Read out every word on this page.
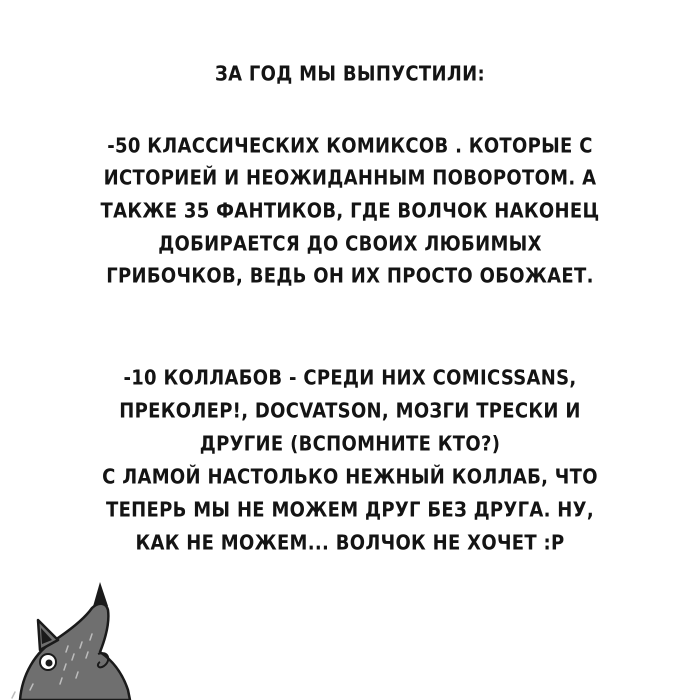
ЗА ГОД МЫ ВЫПУСТИЛИ:
-50 КЛАССИЧЕСКИХ КОМИКСОВ . КОТОРЫЕ С
ИСТОРИЕЙ И НЕОЖИДАННЫМ ПОВОРОТОМ. А
ТАКЖЕ 35 ФАНТИКОВ, ГДЕ ВОЛЧОК НАКОНЕЦ
ДОБИРАЕТСЯ ДО СВОИХ ЛЮБИМЫХ
ГРИБОЧКОВ, ВЕДЬ ОН ИХ ПРОСТО ОБОЖАЕТ.
-10 КОЛЛАБОВ - СРЕДИ НИХ COMICSSANS,
ПРЕКОЛЕР!, DOCVATSON, МОЗГИ ТРЕСКИ И
ДРУГИЕ (ВСПОМНИТЕ КТО?)
С ЛАМОЙ НАСТОЛЬКО НЕЖНЫЙ КОЛЛАБ, ЧТО
ТЕПЕРЬ МЫ НЕ МОЖЕМ ДРУГ БЕЗ ДРУГА. НУ,
КАК НЕ МОЖЕМ... ВОЛЧОК НЕ ХОЧЕТ :Р
